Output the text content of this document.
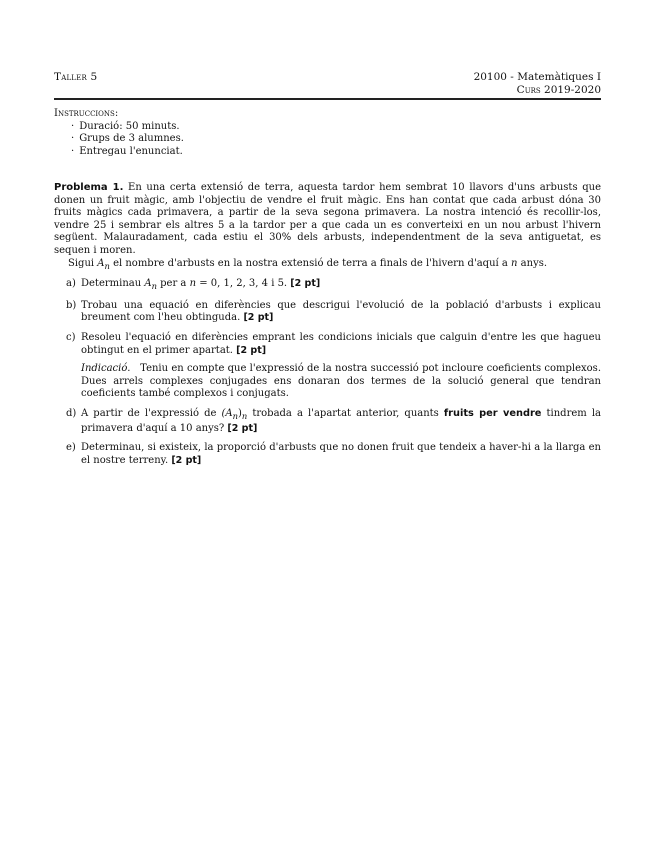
Taller 5	20100 - Matemàtiques I
Curs 2019-2020
Instruccions:
· Duració: 50 minuts.
· Grups de 3 alumnes.
· Entregau l'enunciat.

Problema 1. En una certa extensió de terra, aquesta tardor hem sembrat 10 llavors d'uns arbusts que donen un fruit màgic, amb l'objectiu de vendre el fruit màgic. Ens han contat que cada arbust dóna 30 fruits màgics cada primavera, a partir de la seva segona primavera. La nostra intenció és recollir-los, vendre 25 i sembrar els altres 5 a la tardor per a que cada un es converteixi en un nou arbust l'hivern següent. Malauradament, cada estiu el 30% dels arbusts, independentment de la seva antiguetat, es sequen i moren.

Sigui $A_n$ el nombre d'arbusts en la nostra extensió de terra a finals de l'hivern d'aquí a n anys.

a) Determinau $A_n$ per a n = 0, 1, 2, 3, 4 i 5. [2 pt]
b) Trobau una equació en diferències que descrigui l'evolució de la població d'arbusts i explicau breument com l'heu obtinguda. [2 pt]
c) Resoleu l'equació en diferències emprant les condicions inicials que calguin d'entre les que hagueu obtingut en el primer apartat. [2 pt]
Indicació. Teniu en compte que l'expressió de la nostra successió pot incloure coeficients complexos. Dues arrels complexes conjugades ens donaran dos termes de la solució general que tendran coeficients també complexos i conjugats.
d) A partir de l'expressió de $(A_n)_n$ trobada a l'apartat anterior, quants fruits per vendre tindrem la primavera d'aquí a 10 anys? [2 pt]
e) Determinau, si existeix, la proporció d'arbusts que no donen fruit que tendeix a haver-hi a la llarga en el nostre terreny. [2 pt]
